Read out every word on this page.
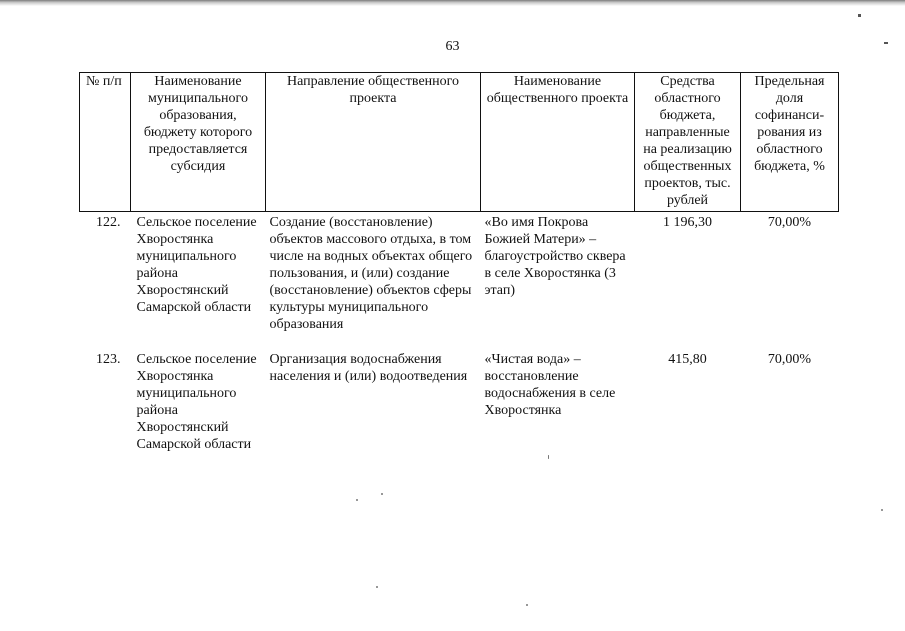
63
№ п/п	Наименование муниципального образования, бюджету которого предоставляется субсидия	Направление общественного проекта	Наименование общественного проекта	Средства областного бюджета, направленные на реализацию общественных проектов, тыс. рублей	Предельная доля софинанси-рования из областного бюджета, %
122.	Сельское поселение Хворостянка муниципального района Хворостянский Самарской области	Создание (восстановление) объектов массового отдыха, в том числе на водных объектах общего пользования, и (или) создание (восстановление) объектов сферы культуры муниципального образования	«Во имя Покрова Божией Матери» – благоустройство сквера в селе Хворостянка (3 этап)	1 196,30	70,00%
123.	Сельское поселение Хворостянка муниципального района Хворостянский Самарской области	Организация водоснабжения населения и (или) водоотведения	«Чистая вода» – восстановление водоснабжения в селе Хворостянка	415,80	70,00%
